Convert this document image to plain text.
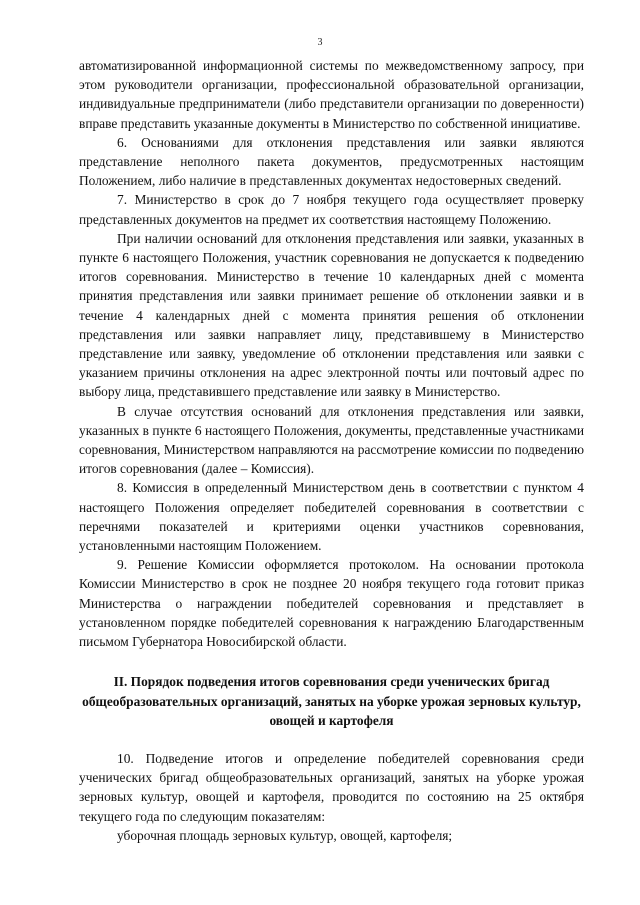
3

автоматизированной информационной системы по межведомственному запросу, при этом руководители организации, профессиональной образовательной организации, индивидуальные предприниматели (либо представители организации по доверенности) вправе представить указанные документы в Министерство по собственной инициативе.

6. Основаниями для отклонения представления или заявки являются представление неполного пакета документов, предусмотренных настоящим Положением, либо наличие в представленных документах недостоверных сведений.

7. Министерство в срок до 7 ноября текущего года осуществляет проверку представленных документов на предмет их соответствия настоящему Положению.

При наличии оснований для отклонения представления или заявки, указанных в пункте 6 настоящего Положения, участник соревнования не допускается к подведению итогов соревнования. Министерство в течение 10 календарных дней с момента принятия представления или заявки принимает решение об отклонении заявки и в течение 4 календарных дней с момента принятия решения об отклонении представления или заявки направляет лицу, представившему в Министерство представление или заявку, уведомление об отклонении представления или заявки с указанием причины отклонения на адрес электронной почты или почтовый адрес по выбору лица, представившего представление или заявку в Министерство.

В случае отсутствия оснований для отклонения представления или заявки, указанных в пункте 6 настоящего Положения, документы, представленные участниками соревнования, Министерством направляются на рассмотрение комиссии по подведению итогов соревнования (далее – Комиссия).

8. Комиссия в определенный Министерством день в соответствии с пунктом 4 настоящего Положения определяет победителей соревнования в соответствии с перечнями показателей и критериями оценки участников соревнования, установленными настоящим Положением.

9. Решение Комиссии оформляется протоколом. На основании протокола Комиссии Министерство в срок не позднее 20 ноября текущего года готовит приказ Министерства о награждении победителей соревнования и представляет в установленном порядке победителей соревнования к награждению Благодарственным письмом Губернатора Новосибирской области.

II. Порядок подведения итогов соревнования среди ученических бригад общеобразовательных организаций, занятых на уборке урожая зерновых культур, овощей и картофеля

10. Подведение итогов и определение победителей соревнования среди ученических бригад общеобразовательных организаций, занятых на уборке урожая зерновых культур, овощей и картофеля, проводится по состоянию на 25 октября текущего года по следующим показателям:

уборочная площадь зерновых культур, овощей, картофеля;
